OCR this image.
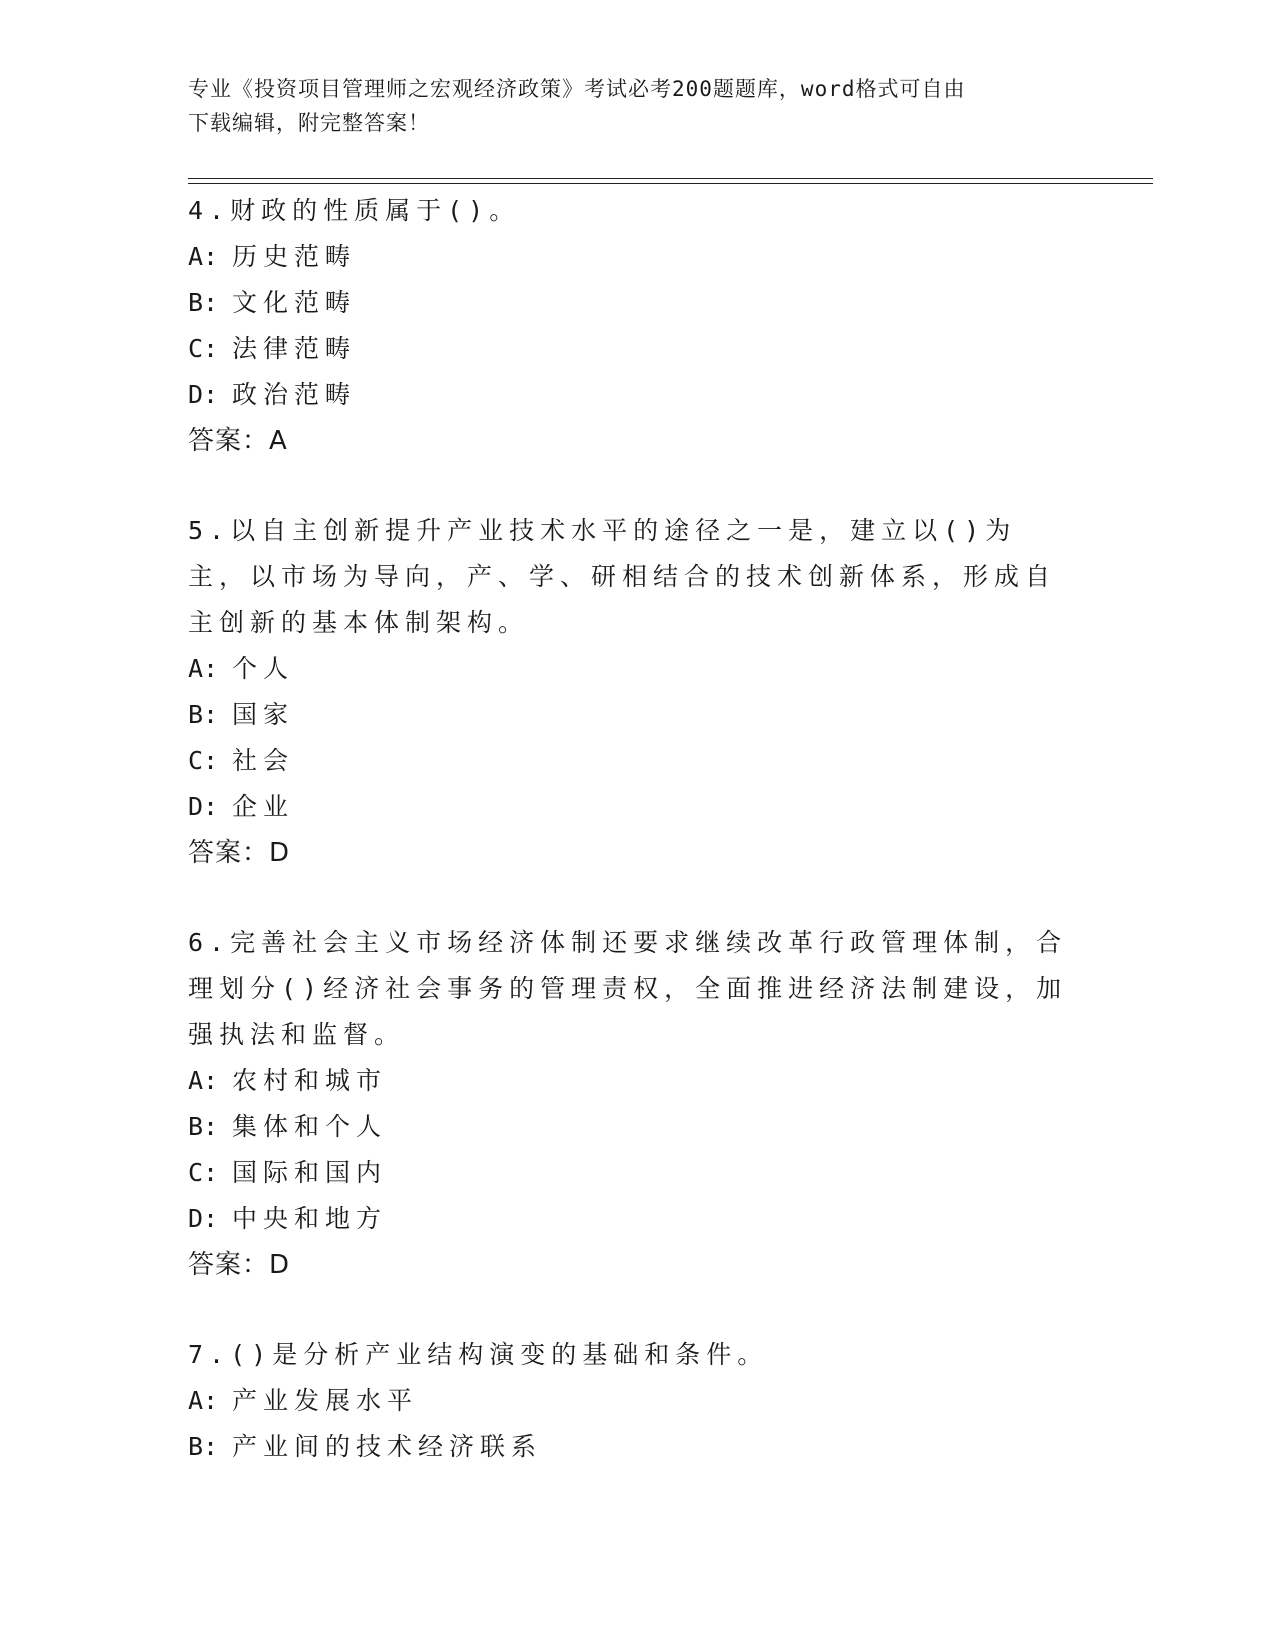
专业《投资项目管理师之宏观经济政策》考试必考200题题库，word格式可自由
下载编辑，附完整答案！
4.财政的性质属于()。
A: 历史范畴
B: 文化范畴
C: 法律范畴
D: 政治范畴
答案：A
5.以自主创新提升产业技术水平的途径之一是，建立以()为主，以市场为导向，产、学、研相结合的技术创新体系，形成自主创新的基本体制架构。
A: 个人
B: 国家
C: 社会
D: 企业
答案：D
6.完善社会主义市场经济体制还要求继续改革行政管理体制，合理划分()经济社会事务的管理责权，全面推进经济法制建设，加强执法和监督。
A: 农村和城市
B: 集体和个人
C: 国际和国内
D: 中央和地方
答案：D
7.()是分析产业结构演变的基础和条件。
A: 产业发展水平
B: 产业间的技术经济联系
